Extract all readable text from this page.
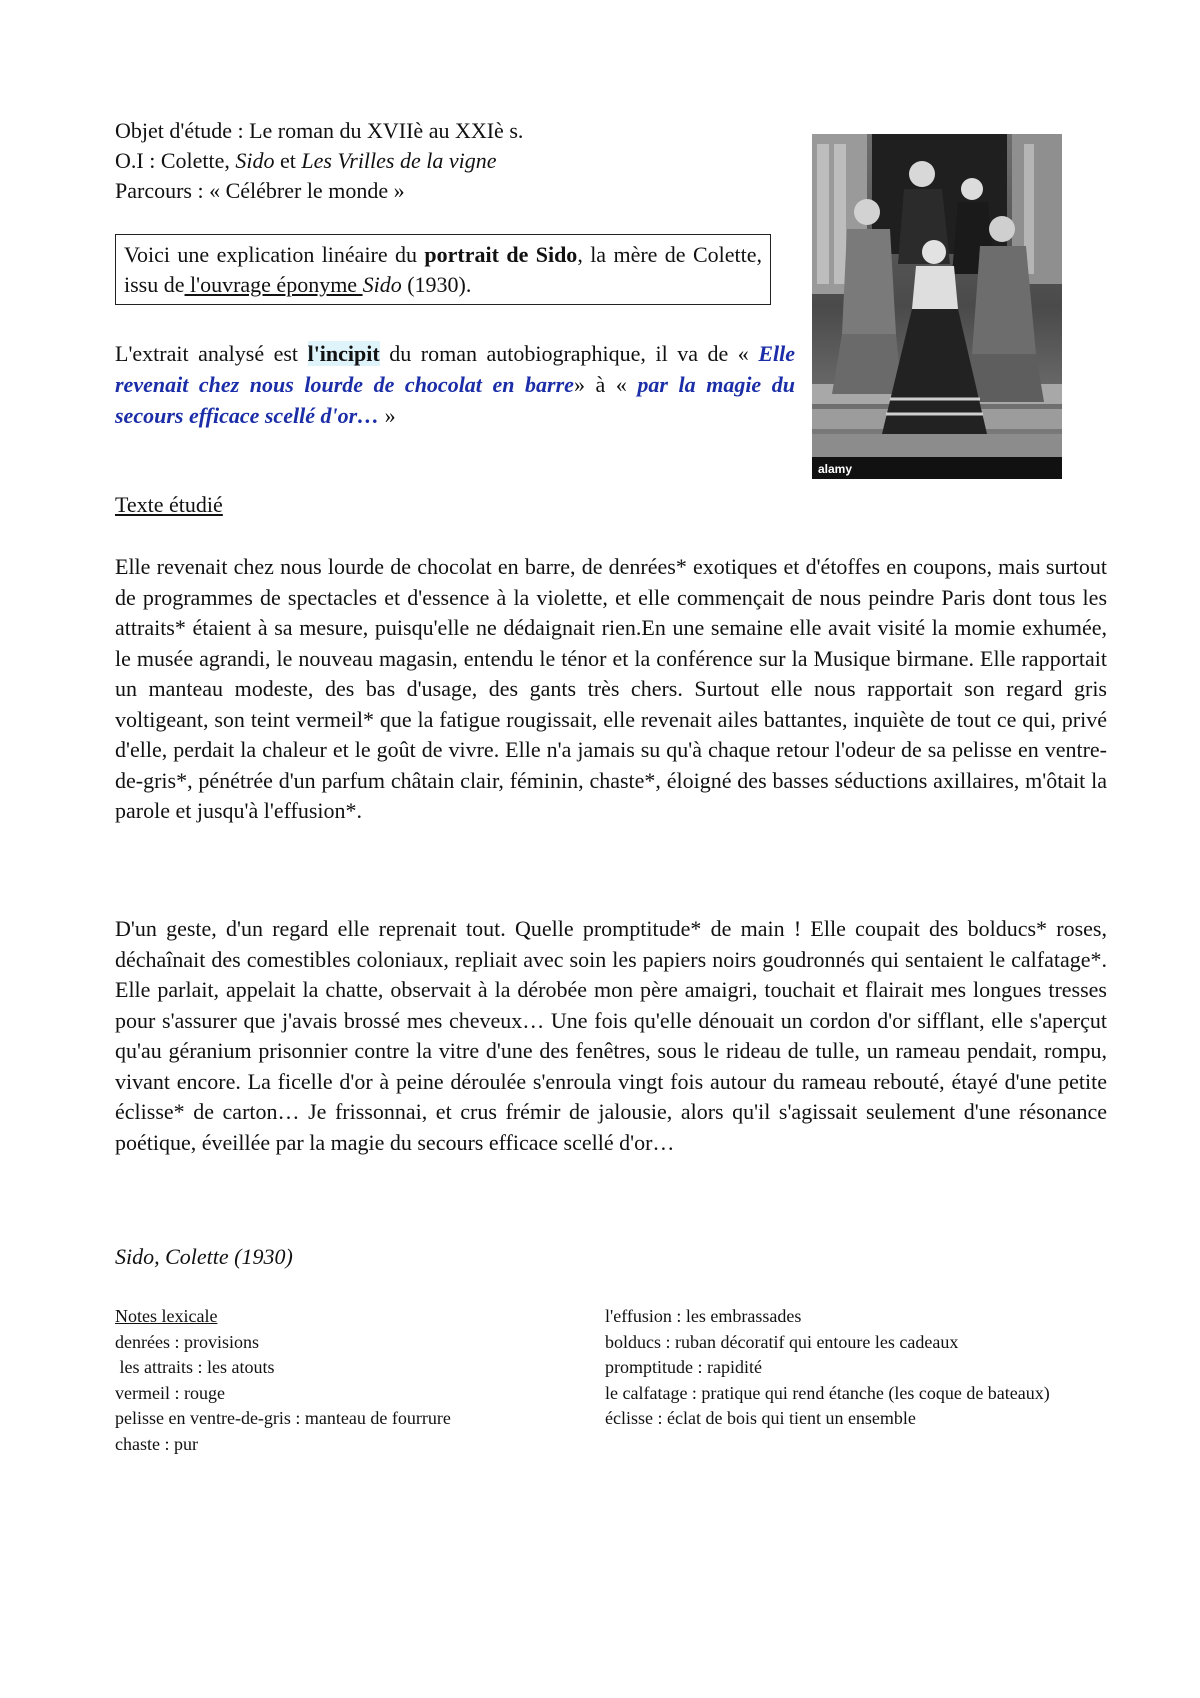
Objet d'étude : Le roman du XVIIè au XXIè s.
O.I : Colette, Sido et Les Vrilles de la vigne
Parcours : « Célébrer le monde »
Voici une explication linéaire du portrait de Sido, la mère de Colette, issu de l'ouvrage éponyme Sido (1930).
L'extrait analysé est l'incipit du roman autobiographique, il va de « Elle revenait chez nous lourde de chocolat en barre» à « par la magie du secours efficace scellé d'or… »
alamy
Texte étudié
Elle revenait chez nous lourde de chocolat en barre, de denrées* exotiques et d'étoffes en coupons, mais surtout de programmes de spectacles et d'essence à la violette, et elle commençait de nous peindre Paris dont tous les attraits* étaient à sa mesure, puisqu'elle ne dédaignait rien.En une semaine elle avait visité la momie exhumée, le musée agrandi, le nouveau magasin, entendu le ténor et la conférence sur la Musique birmane. Elle rapportait un manteau modeste, des bas d'usage, des gants très chers. Surtout elle nous rapportait son regard gris voltigeant, son teint vermeil* que la fatigue rougissait, elle revenait ailes battantes, inquiète de tout ce qui, privé d'elle, perdait la chaleur et le goût de vivre. Elle n'a jamais su qu'à chaque retour l'odeur de sa pelisse en ventre-de-gris*, pénétrée d'un parfum châtain clair, féminin, chaste*, éloigné des basses séductions axillaires, m'ôtait la parole et jusqu'à l'effusion*.
D'un geste, d'un regard elle reprenait tout. Quelle promptitude* de main ! Elle coupait des bolducs* roses, déchaînait des comestibles coloniaux, repliait avec soin les papiers noirs goudronnés qui sentaient le calfatage*. Elle parlait, appelait la chatte, observait à la dérobée mon père amaigri, touchait et flairait mes longues tresses pour s'assurer que j'avais brossé mes cheveux… Une fois qu'elle dénouait un cordon d'or sifflant, elle s'aperçut qu'au géranium prisonnier contre la vitre d'une des fenêtres, sous le rideau de tulle, un rameau pendait, rompu, vivant encore. La ficelle d'or à peine déroulée s'enroula vingt fois autour du rameau rebouté, étayé d'une petite éclisse* de carton… Je frissonnai, et crus frémir de jalousie, alors qu'il s'agissait seulement d'une résonance poétique, éveillée par la magie du secours efficace scellé d'or…
Sido, Colette (1930)
Notes lexicale
denrées : provisions
les attraits : les atouts
vermeil : rouge
pelisse en ventre-de-gris : manteau de fourrure
chaste : pur
l'effusion : les embrassades
bolducs : ruban décoratif qui entoure les cadeaux
promptitude : rapidité
le calfatage : pratique qui rend étanche (les coque de bateaux)
éclisse : éclat de bois qui tient un ensemble
